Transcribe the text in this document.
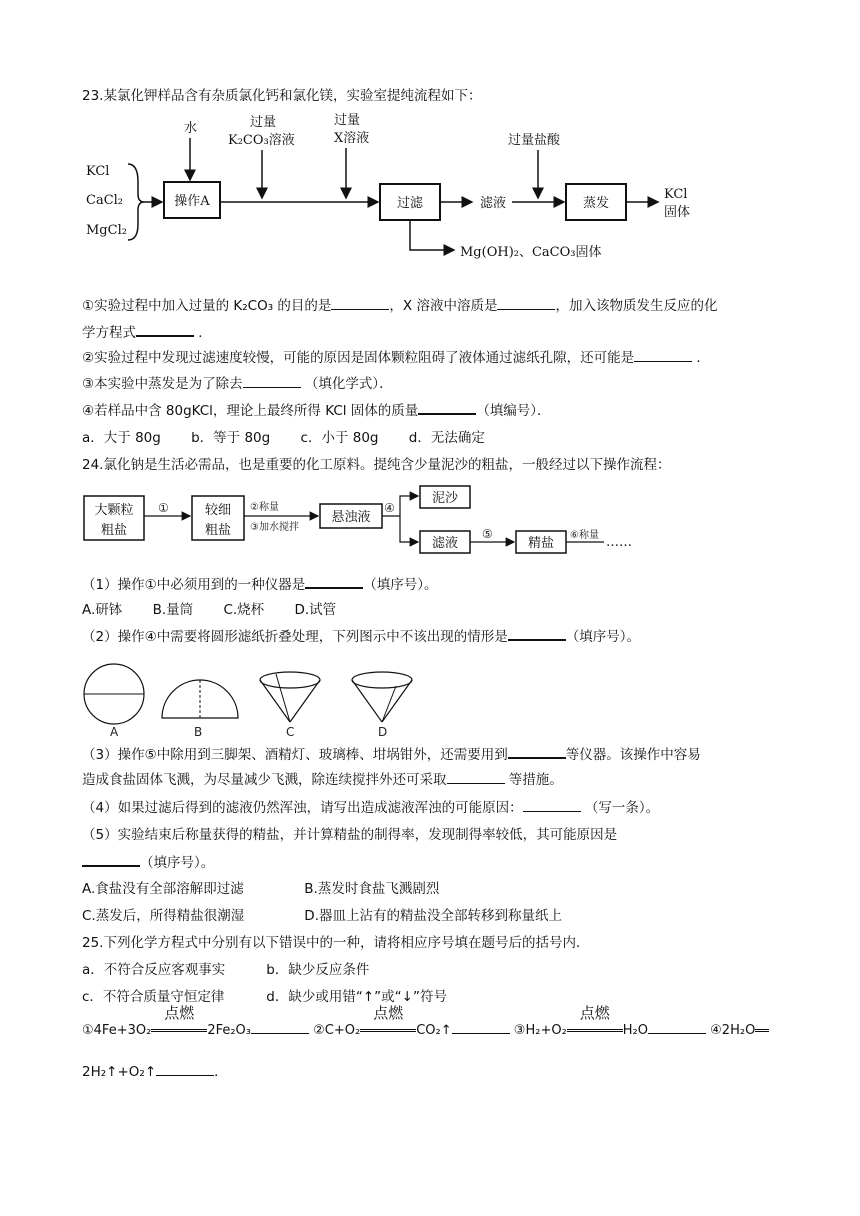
23.某氯化钾样品含有杂质氯化钙和氯化镁，实验室提纯流程如下：
KCl
CaCl₂
MgCl₂
水
操作A
过量
K₂CO₃溶液
过量
X溶液
过滤	滤液
过量盐酸
蒸发
KCl
固体
Mg(OH)₂、CaCO₃固体
①实验过程中加入过量的 K₂CO₃ 的目的是	，X 溶液中溶质是	，加入该物质发生反应的化
学方程式	．
②实验过程中发现过滤速度较慢，可能的原因是固体颗粒阻碍了液体通过滤纸孔隙，还可能是	．
③本实验中蒸发是为了除去	（填化学式）．
④若样品中含 80gKCl，理论上最终所得 KCl 固体的质量	（填编号）．
a．大于 80g b．等于 80g c．小于 80g d．无法确定
24.氯化钠是生活必需品，也是重要的化工原料。提纯含少量泥沙的粗盐，一般经过以下操作流程：
大颗粒
粗盐
①	较细
粗盐
②称量
③加水搅拌
悬浊液
④
泥沙
滤液
⑤
精盐
⑥称量 ……
（1）操作①中必须用到的一种仪器是	（填序号）。
A.研钵 B.量筒 C.烧杯 D.试管
（2）操作④中需要将圆形滤纸折叠处理，下列图示中不该出现的情形是	（填序号）。
A	B	C	D
（3）操作⑤中除用到三脚架、酒精灯、玻璃棒、坩埚钳外，还需要用到	等仪器。该操作中容易
造成食盐固体飞溅，为尽量减少飞溅，除连续搅拌外还可采取	等措施。
（4）如果过滤后得到的滤液仍然浑浊，请写出造成滤液浑浊的可能原因：	（写一条）。
（5）实验结束后称量获得的精盐，并计算精盐的制得率，发现制得率较低，其可能原因是
（填序号）。
A.食盐没有全部溶解即过滤	B.蒸发时食盐飞溅剧烈
C.蒸发后，所得精盐很潮湿	D.器皿上沾有的精盐没全部转移到称量纸上
25.下列化学方程式中分别有以下错误中的一种，请将相应序号填在题号后的括号内．
a．不符合反应客观事实	b．缺少反应条件
c．不符合质量守恒定律	d．缺少或用错“↑”或“↓”符号
①4Fe+3O₂
点燃
2Fe₂O₃	②C+O₂
点燃
CO₂↑	③H₂+O₂
点燃
H₂O	④2H₂O
2H₂↑+O₂↑	．
